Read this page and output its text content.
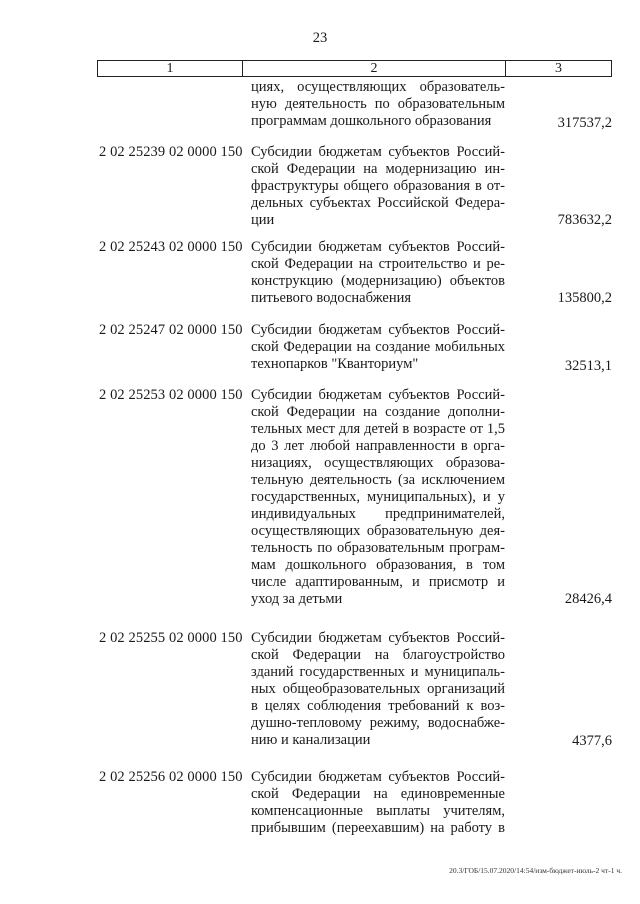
23
1	2	3
циях, осуществляющих образователь-
ную деятельность по образовательным
программам дошкольного образования	317537,2
2 02 25239 02 0000 150 Субсидии бюджетам субъектов Россий-
ской Федерации на модернизацию ин-
фраструктуры общего образования в от-
дельных субъектах Российской Федера-
ции	783632,2
2 02 25243 02 0000 150 Субсидии бюджетам субъектов Россий-
ской Федерации на строительство и ре-
конструкцию (модернизацию) объектов
питьевого водоснабжения	135800,2
2 02 25247 02 0000 150 Субсидии бюджетам субъектов Россий-
ской Федерации на создание мобильных
технопарков "Кванториум"	32513,1
2 02 25253 02 0000 150 Субсидии бюджетам субъектов Россий-
ской Федерации на создание дополни-
тельных мест для детей в возрасте от 1,5
до 3 лет любой направленности в орга-
низациях, осуществляющих образова-
тельную деятельность (за исключением
государственных, муниципальных), и у
индивидуальных предпринимателей,
осуществляющих образовательную дея-
тельность по образовательным програм-
мам дошкольного образования, в том
числе адаптированным, и присмотр и
уход за детьми	28426,4
2 02 25255 02 0000 150 Субсидии бюджетам субъектов Россий-
ской Федерации на благоустройство
зданий государственных и муниципаль-
ных общеобразовательных организаций
в целях соблюдения требований к воз-
душно-тепловому режиму, водоснабже-
нию и канализации	4377,6
2 02 25256 02 0000 150 Субсидии бюджетам субъектов Россий-
ской Федерации на единовременные
компенсационные выплаты учителям,
прибывшим (переехавшим) на работу в
20.3/ГОБ/15.07.2020/14:54/изм-бюджет-июль-2 чт-1 ч.
